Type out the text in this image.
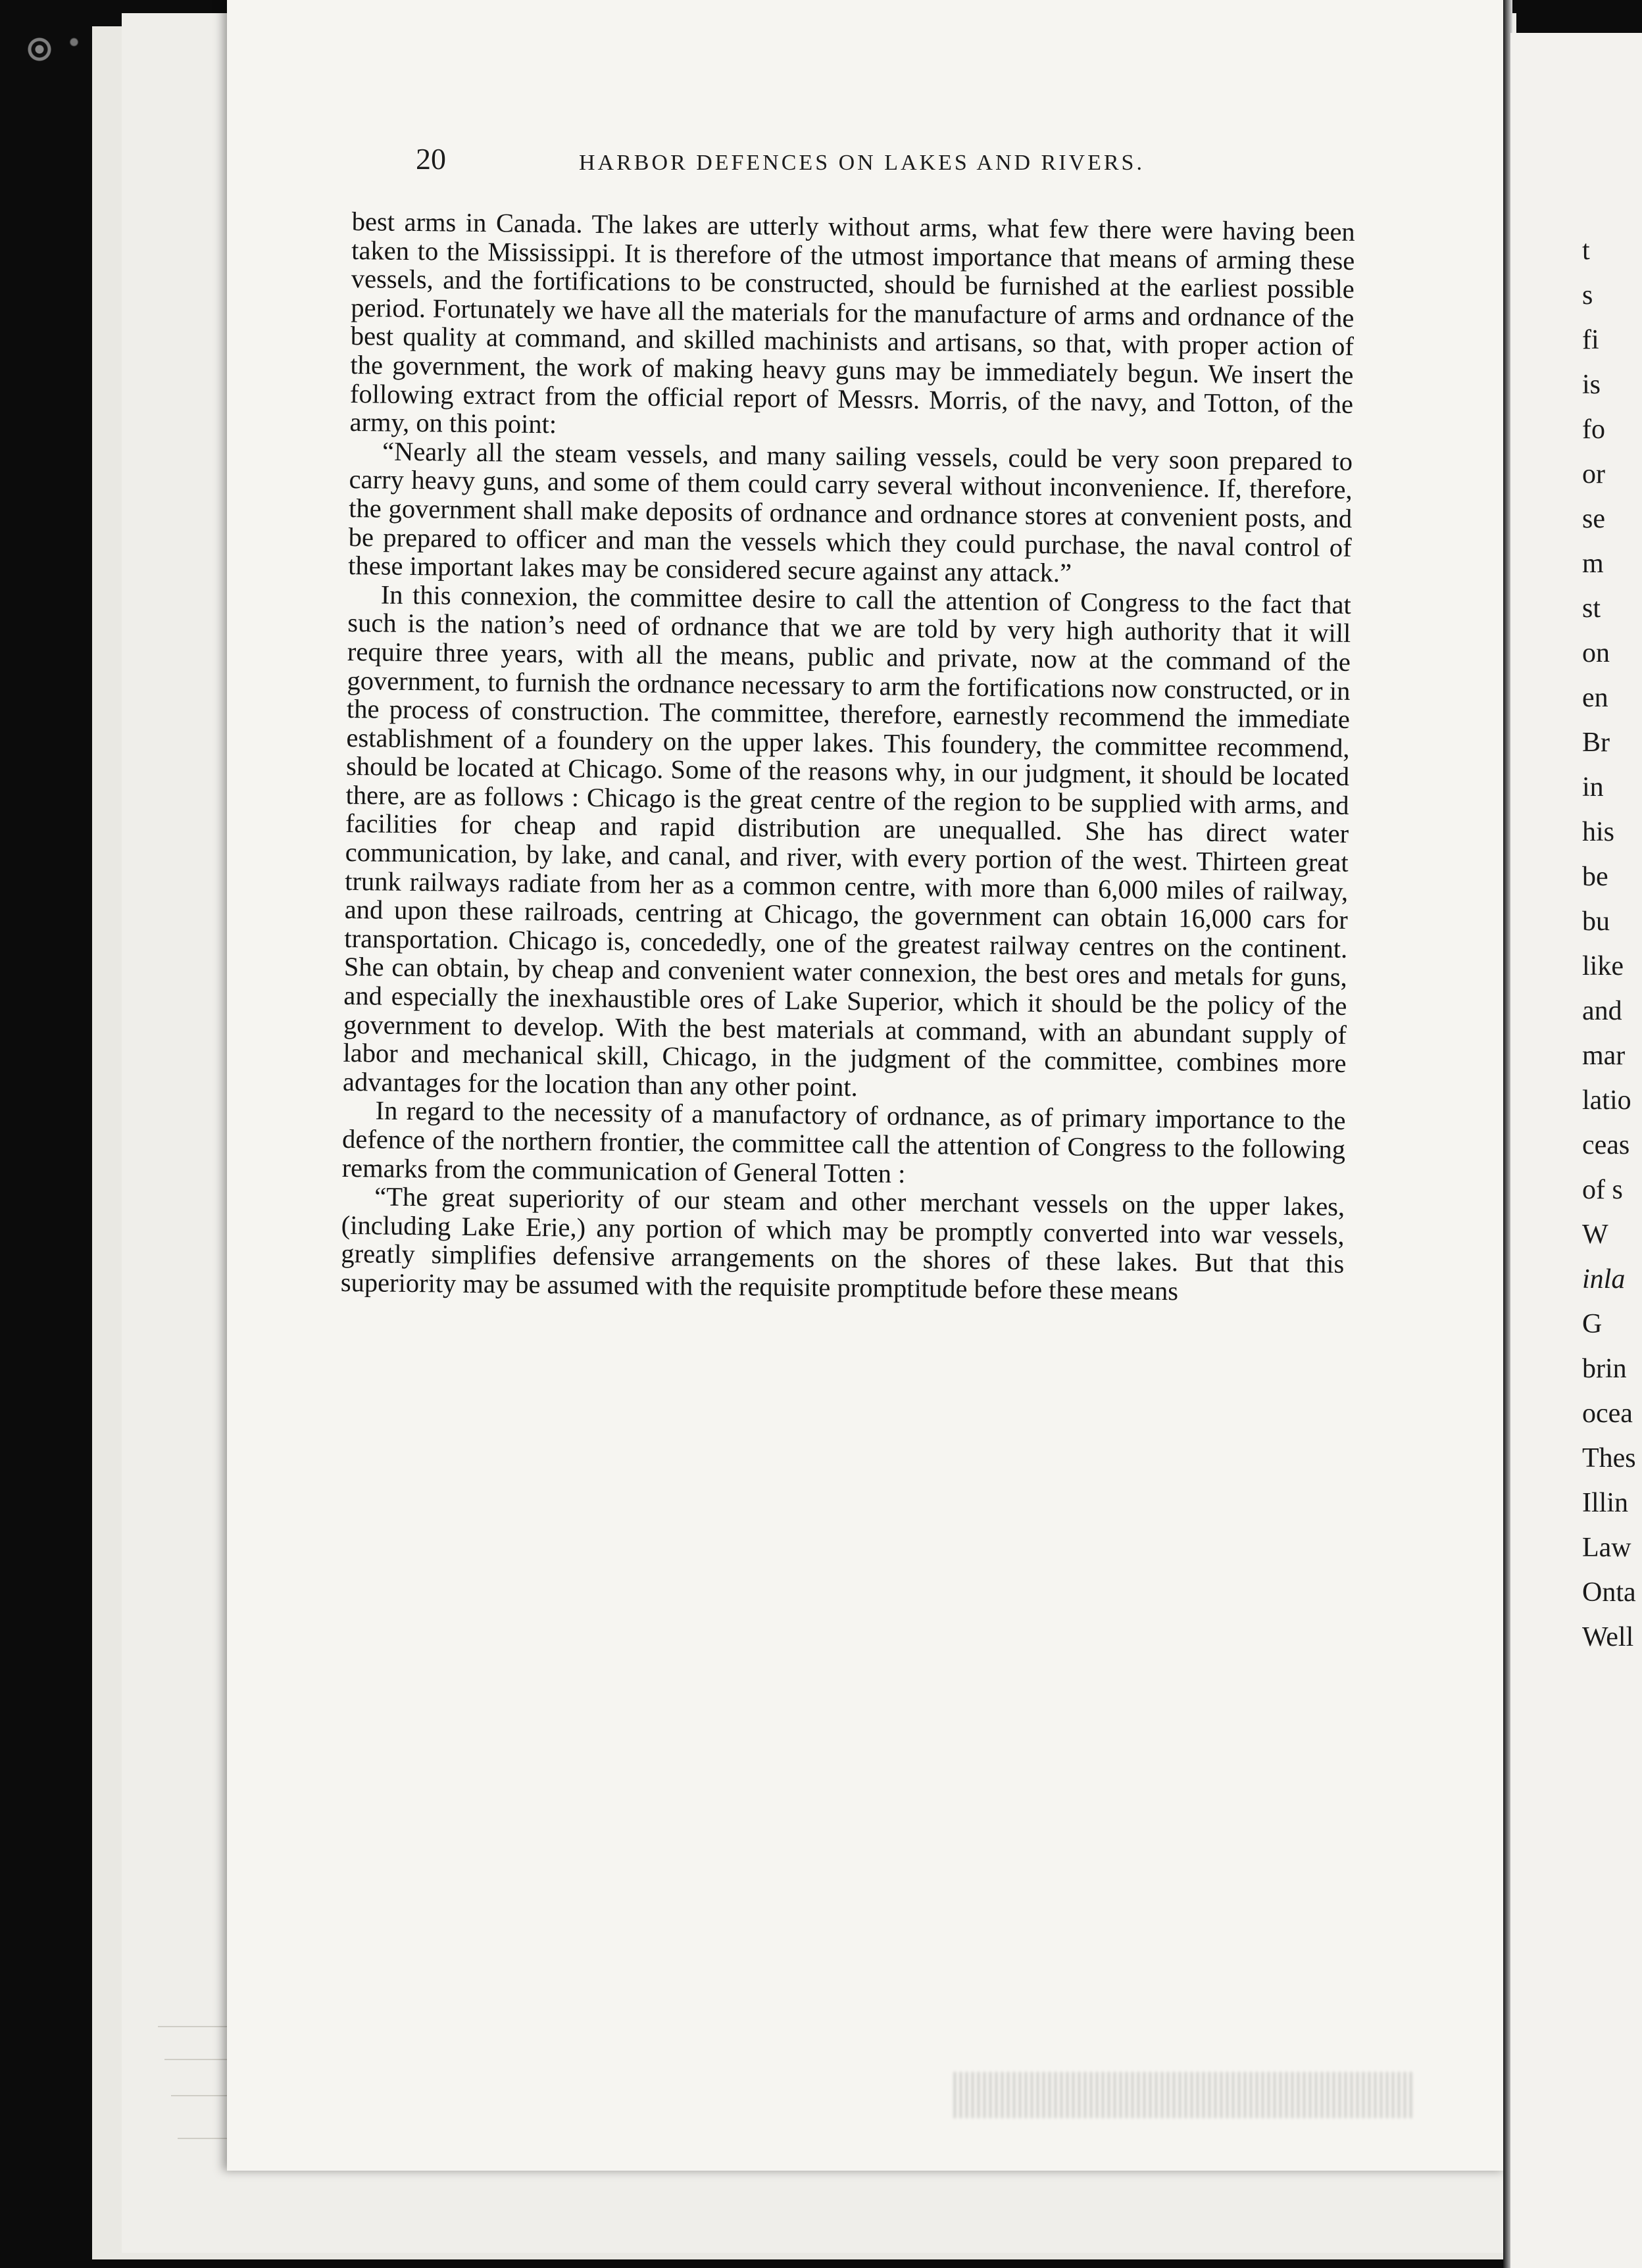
20	HARBOR DEFENCES ON LAKES AND RIVERS.

best arms in Canada. The lakes are utterly without arms, what few there were having been taken to the Mississippi. It is therefore of the utmost importance that means of arming these vessels, and the fortifications to be constructed, should be furnished at the earliest possible period. Fortunately we have all the materials for the manufacture of arms and ordnance of the best quality at command, and skilled machinists and artisans, so that, with proper action of the government, the work of making heavy guns may be immediately begun. We insert the following extract from the official report of Messrs. Morris, of the navy, and Totton, of the army, on this point:

“Nearly all the steam vessels, and many sailing vessels, could be very soon prepared to carry heavy guns, and some of them could carry several without inconvenience. If, therefore, the government shall make deposits of ordnance and ordnance stores at convenient posts, and be prepared to officer and man the vessels which they could purchase, the naval control of these important lakes may be considered secure against any attack.”

In this connexion, the committee desire to call the attention of Congress to the fact that such is the nation’s need of ordnance that we are told by very high authority that it will require three years, with all the means, public and private, now at the command of the government, to furnish the ordnance necessary to arm the fortifications now constructed, or in the process of construction. The committee, therefore, earnestly recommend the immediate establishment of a foundery on the upper lakes. This foundery, the committee recommend, should be located at Chicago. Some of the reasons why, in our judgment, it should be located there, are as follows : Chicago is the great centre of the region to be supplied with arms, and facilities for cheap and rapid distribution are unequalled. She has direct water communication, by lake, and canal, and river, with every portion of the west. Thirteen great trunk railways radiate from her as a common centre, with more than 6,000 miles of railway, and upon these railroads, centring at Chicago, the government can obtain 16,000 cars for transportation. Chicago is, concededly, one of the greatest railway centres on the continent. She can obtain, by cheap and convenient water connexion, the best ores and metals for guns, and especially the inexhaustible ores of Lake Superior, which it should be the policy of the government to develop. With the best materials at command, with an abundant supply of labor and mechanical skill, Chicago, in the judgment of the committee, combines more advantages for the location than any other point.

In regard to the necessity of a manufactory of ordnance, as of primary importance to the defence of the northern frontier, the committee call the attention of Congress to the following remarks from the communication of General Totten :

“The great superiority of our steam and other merchant vessels on the upper lakes, (including Lake Erie,) any portion of which may be promptly converted into war vessels, greatly simplifies defensive arrangements on the shores of these lakes. But that this superiority may be assumed with the requisite promptitude before these means

t
s
fi
is
fo
or
se
m
st
on
en
Br
in
his
be
bu
like
and
mar
latio
ceas
of s
W
inla
G
brin
ocea
Thes
Illin
Law
Onta
Well
